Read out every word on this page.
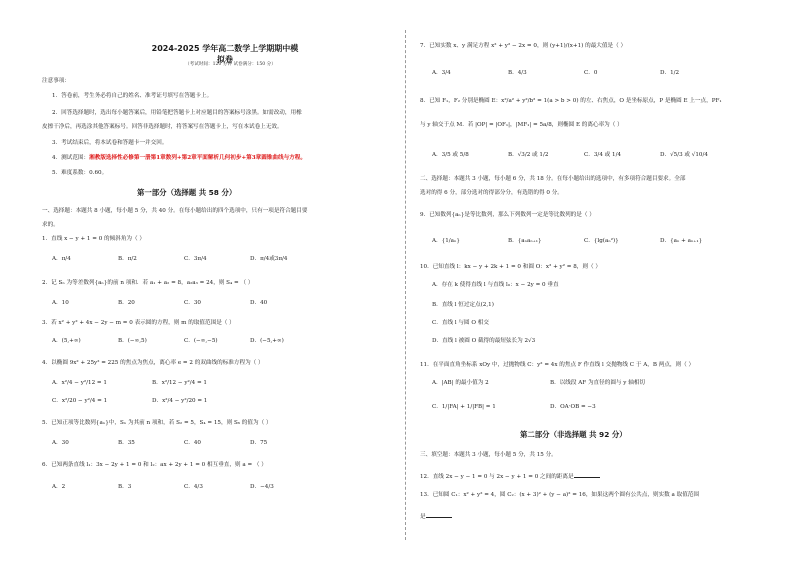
2024-2025 学年高二数学上学期期中模拟卷
（考试时间：120 分钟 试卷满分：150 分）
注意事项：
1．答卷前，考生务必将自己的姓名、准考证号填写在答题卡上。
2．回答选择题时，选出每小题答案后，用铅笔把答题卡上对应题目的答案标号涂黑。如需改动，用橡
皮擦干净后，再选涂其他答案标号。回答非选择题时，将答案写在答题卡上，写在本试卷上无效。
3．考试结束后，将本试卷和答题卡一并交回。
4．测试范围：湘教版选择性必修第一册第1章数列+第2章平面解析几何初步+第3章圆锥曲线与方程。
5．难度系数：0.60。
第一部分（选择题 共 58 分）
一、选择题：本题共 8 小题，每小题 5 分，共 40 分。在每小题给出的四个选项中，只有一项是符合题目要
求的。
1．直线 x − y + 1 = 0 的倾斜角为（ ）
A．π/4	B．π/2	C．3π/4	D．π/4或3π/4
2．记 Sₙ 为等差数列{aₙ}的前 n 项和．若 a₁ + a₂ = 8，a₂a₃ = 24，则 S₄ = （ ）
A．10	B．20	C．30	D．40
3．若 x² + y² + 4x − 2y − m = 0 表示圆的方程，则 m 的取值范围是（ ）
A．(5,+∞)	B．(−∞,5)	C．(−∞,−5)	D．(−5,+∞)
4．以椭圆 9x² + 25y² = 225 的焦点为焦点，离心率 e = 2 的双曲线的标准方程为（ ）
A．x²/4 − y²/12 = 1	B．x²/12 − y²/4 = 1
C．x²/20 − y²/4 = 1	D．x²/4 − y²/20 = 1
5．已知正项等比数列{aₙ}中，Sₙ 为其前 n 项和，若 S₂ = 5，S₄ = 15，则 S₆ 的值为（ ）
A．30	B．35	C．40	D．75
6．已知两条直线 l₁：3x − 2y + 1 = 0 和 l₂：ax + 2y + 1 = 0 相互垂直，则 a = （ ）
A．2	B．3	C．4/3	D．−4/3
7．已知实数 x、y 满足方程 x² + y² − 2x = 0，则 (y+1)/(x+1) 的最大值是（ ）
A．3/4	B．4/3	C．0	D．1/2
8．已知 F₁，F₂ 分别是椭圆 E：x²/a² + y²/b² = 1(a > b > 0) 的左、右焦点，O 是坐标原点，P 是椭圆 E 上一点，PF₁
与 y 轴交于点 M．若 |OP| = |OF₁|，|MF₁| = 5a/8，则椭圆 E 的离心率为（ ）
A．3/5 或 5/8	B．√3/2 或 1/2	C．3/4 或 1/4	D．√5/3 或 √10/4
二、选择题：本题共 3 小题，每小题 6 分，共 18 分。在每小题给出的选项中，有多项符合题目要求。全部
选对的得 6 分，部分选对的得部分分，有选错的得 0 分。
9．已知数列{aₙ}是等比数列，那么下列数列一定是等比数列的是（ ）
A．{1/aₙ}	B．{aₙaₙ₊₁}	C．{lg(aₙ²)}	D．{aₙ + aₙ₊₁}
10．已知直线 l：kx − y + 2k + 1 = 0 和圆 O：x² + y² = 8，则（ ）
A．存在 k 使得直线 l 与直线 l₀：x − 2y = 0 垂直
B．直线 l 恒过定点(2,1)
C．直线 l 与圆 O 相交
D．直线 l 被圆 O 截得的最短弦长为 2√3
11．在平面直角坐标系 xOy 中，过抛物线 C：y² = 4x 的焦点 F 作直线 l 交抛物线 C 于 A，B 两点，则（ ）
A．|AB| 的最小值为 2	B．以线段 AF 为直径的圆与 y 轴相切
C．1/|FA| + 1/|FB| = 1	D．OA·OB = −3
第二部分（非选择题 共 92 分）
三、填空题：本题共 3 小题，每小题 5 分，共 15 分。
12．直线 2x − y − 1 = 0 与 2x − y + 1 = 0 之间的距离是
13．已知圆 C₁：x² + y² = 4，圆 C₂：(x + 3)² + (y − a)² = 16，如果这两个圆有公共点，则实数 a 取值范围
是
